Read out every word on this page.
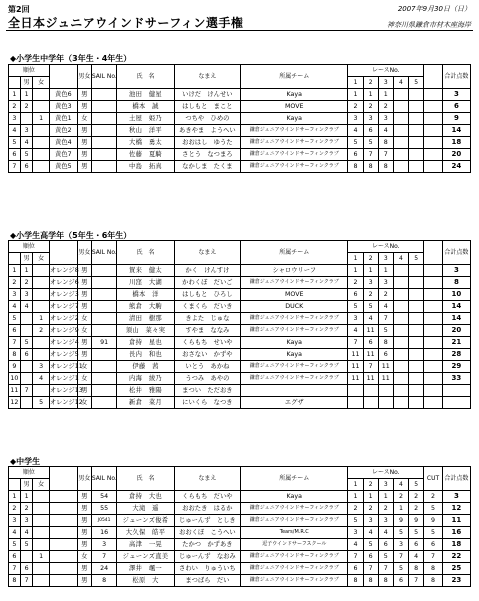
第2回	2007年9月30日（日）
全日本ジュニアウインドサーフィン選手権	神奈川県鎌倉市材木座海岸
◆小学生中学年（3年生・4年生）
順位				男女	SAIL No.	氏　名	なまえ	所属チーム	レースNo.						合計点数
	男	女							1	2	3	4	5		
1	1		黄色6	男		池田　健星	いけだ　けんせい	Kaya	1	1	1				3
2	2		黄色3	男		橋本　誠	はしもと　まこと	MOVE	2	2	2				6
3		1	黄色1	女		土屋　姫乃	つちや　ひめの	Kaya	3	3	3				9
4	3		黄色2	男		秋山　洋平	あきやま　ようへい	鎌倉ジュニアウインドサーフィンクラブ	4	6	4				14
5	4		黄色4	男		大橋　勇太	おおはし　ゆうた	鎌倉ジュニアウインドサーフィンクラブ	5	5	8				18
6	5		黄色7	男		佐藤　夏騎	さとう　なつまろ	鎌倉ジュニアウインドサーフィンクラブ	6	7	7				20
7	6		黄色5	男		中島　拓真	なかしま　たくま	鎌倉ジュニアウインドサーフィンクラブ	8	8	8				24
◆小学生高学年（5年生・6年生）
順位				男女	SAIL No.	氏　名	なまえ	所属チーム	レースNo.						合計点数
	男	女							1	2	3	4	5		
1	1		オレンジ8	男		賀来　健太	かく　けんすけ	シャロウリーフ	1	1	1				3
2	2		オレンジ6	男		川窪　大湖	かわくぼ　だいご	鎌倉ジュニアウインドサーフィンクラブ	2	3	3				8
3	3		オレンジ3	男		橋本　洋	はしもと　ひろし	MOVE	6	2	2				10
4	4		オレンジ7	男		熊倉　大駒	くまくら　だいき	DUCK	5	5	4				14
5		1	オレンジ2	女		清田　樹那	きよた　じゅな	鎌倉ジュニアウインドサーフィンクラブ	3	4	7				14
6		2	オレンジ9	女		須山　菜々実	すやま　ななみ	鎌倉ジュニアウインドサーフィンクラブ	4	11	5				20
7	5		オレンジ4	男	91	倉持　星也	くらもち　せいや	Kaya	7	6	8				21
8	6		オレンジ5	男		長内　和也	おさない　かずや	Kaya	11	11	6				28
9		3	オレンジ11	女		伊藤　茜	いとう　あかね	鎌倉ジュニアウインドサーフィンクラブ	11	7	11				29
10		4	オレンジ1	女		内海　綾乃	うつみ　あやの	鎌倉ジュニアウインドサーフィンクラブ	11	11	11				33
11	7		オレンジ13	男		松井　雅陽	まつい　ただおき								
12		5	オレンジ12	女		新倉　菜月	にいくら　なつき	エグザ							
◆中学生
順位				男女	SAIL No.	氏　名	なまえ	所属チーム	レースNo.					CUT	合計点数
	男	女							1	2	3	4	5		
1	1			男	54	倉持　大也	くらもち　だいや	Kaya	1	1	1	2	2	2	3
2	2			男	55	大滝　遥	おおたき　はるか	鎌倉ジュニアウインドサーフィンクラブ	2	2	2	1	2	5	12
3	3			男	J0541	ジューンズ俊希	じゅーんず　としき	鎌倉ジュニアウインドサーフィンクラブ	5	3	3	9	9	9	11
4	4			男	16	大久保　皓平	おおくぼ　こうへい	Tears/M.R.C	3	4	4	5	5	5	16
5	5			男	3	高津　一晃	たかつ　かずあき	逗子ウインドサーフスクール	4	5	6	3	6	6	18
6		1		女	7	ジューンズ直美	じゅーんず　なおみ	鎌倉ジュニアウインドサーフィンクラブ	7	6	5	7	4	7	22
7	6			男	24	澤井　颯一	さわい　りゅういち	鎌倉ジュニアウインドサーフィンクラブ	6	7	7	5	8	8	25
8	7			男	8	松原　大	まつばら　だい	鎌倉ジュニアウインドサーフィンクラブ	8	8	8	6	7	8	23
